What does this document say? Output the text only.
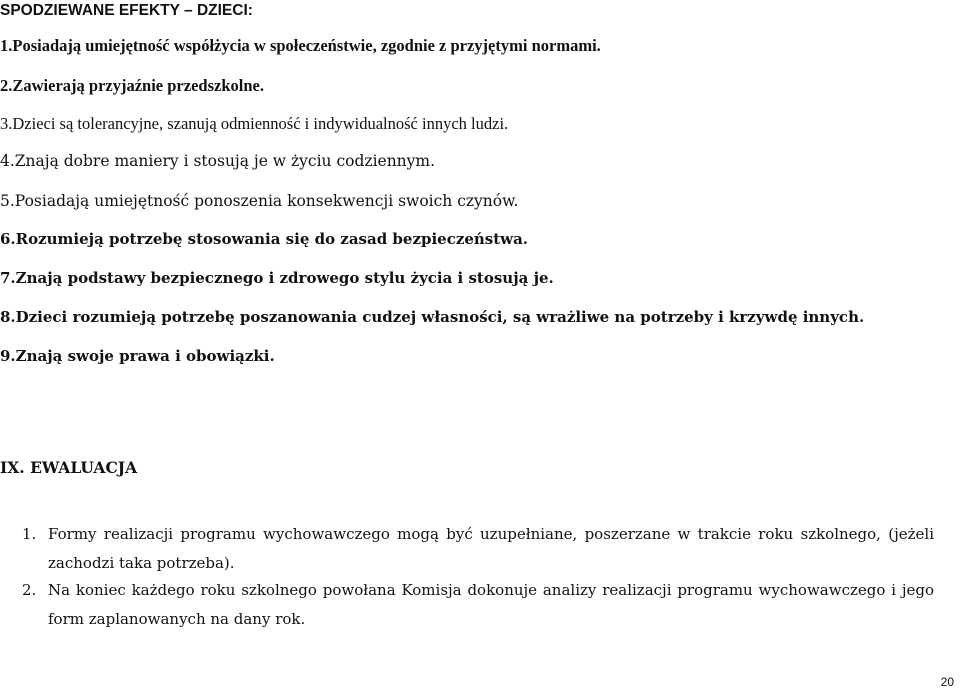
SPODZIEWANE EFEKTY – DZIECI:
1.Posiadają umiejętność współżycia w społeczeństwie, zgodnie z przyjętymi normami.
2.Zawierają przyjaźnie przedszkolne.
3.Dzieci są tolerancyjne, szanują odmienność i indywidualność innych ludzi.
4.Znają dobre maniery i stosują je w życiu codziennym.
5.Posiadają umiejętność ponoszenia konsekwencji swoich czynów.
6.Rozumieją potrzebę stosowania się do zasad bezpieczeństwa.
7.Znają podstawy bezpiecznego i zdrowego stylu życia i stosują je.
8.Dzieci rozumieją potrzebę poszanowania cudzej własności, są wrażliwe na potrzeby i krzywdę innych.
9.Znają swoje prawa i obowiązki.
IX. EWALUACJA
1. Formy realizacji programu wychowawczego mogą być uzupełniane, poszerzane w trakcie roku szkolnego, (jeżeli
zachodzi taka potrzeba).
2. Na koniec każdego roku szkolnego powołana Komisja dokonuje analizy realizacji programu wychowawczego i jego
form zaplanowanych na dany rok.
20
